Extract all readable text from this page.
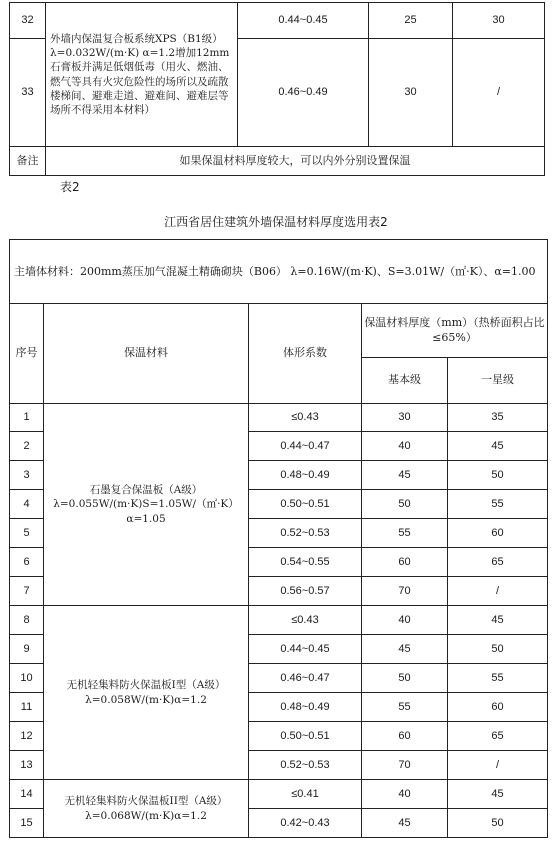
32	外墙内保温复合板系统XPS（B1级） λ=0.032W/(m·K) α=1.2增加12mm石膏板并满足低烟低毒（用火、燃油、燃气等具有火灾危险性的场所以及疏散楼梯间、避难走道、避难间、避难层等场所不得采用本材料）	0.44~0.45	25	30
33		0.46~0.49	30	/
备注	如果保温材料厚度较大，可以内外分别设置保温			
表2
江西省居住建筑外墙保温材料厚度选用表2
主墙体材料：200mm蒸压加气混凝土精确砌块（B06） λ=0.16W/(m·K)、S=3.01W/（㎡·K）、α=1.00				
序号	保温材料	体形系数	保温材料厚度（mm）（热桥面积占比≤65%）	
			基本级	一星级
1	石墨复合保温板（A级） λ=0.055W/(m·K)S=1.05W/（㎡·K）α=1.05	≤0.43	30	35
2		0.44~0.47	40	45
3		0.48~0.49	45	50
4		0.50~0.51	50	55
5		0.52~0.53	55	60
6		0.54~0.55	60	65
7		0.56~0.57	70	/
8	无机轻集料防火保温板I型（A级） λ=0.058W/(m·K)α=1.2	≤0.43	40	45
9		0.44~0.45	45	50
10		0.46~0.47	50	55
11		0.48~0.49	55	60
12		0.50~0.51	60	65
13		0.52~0.53	70	/
14	无机轻集料防火保温板II型（A级） λ=0.068W/(m·K)α=1.2	≤0.41	40	45
15		0.42~0.43	45	50
